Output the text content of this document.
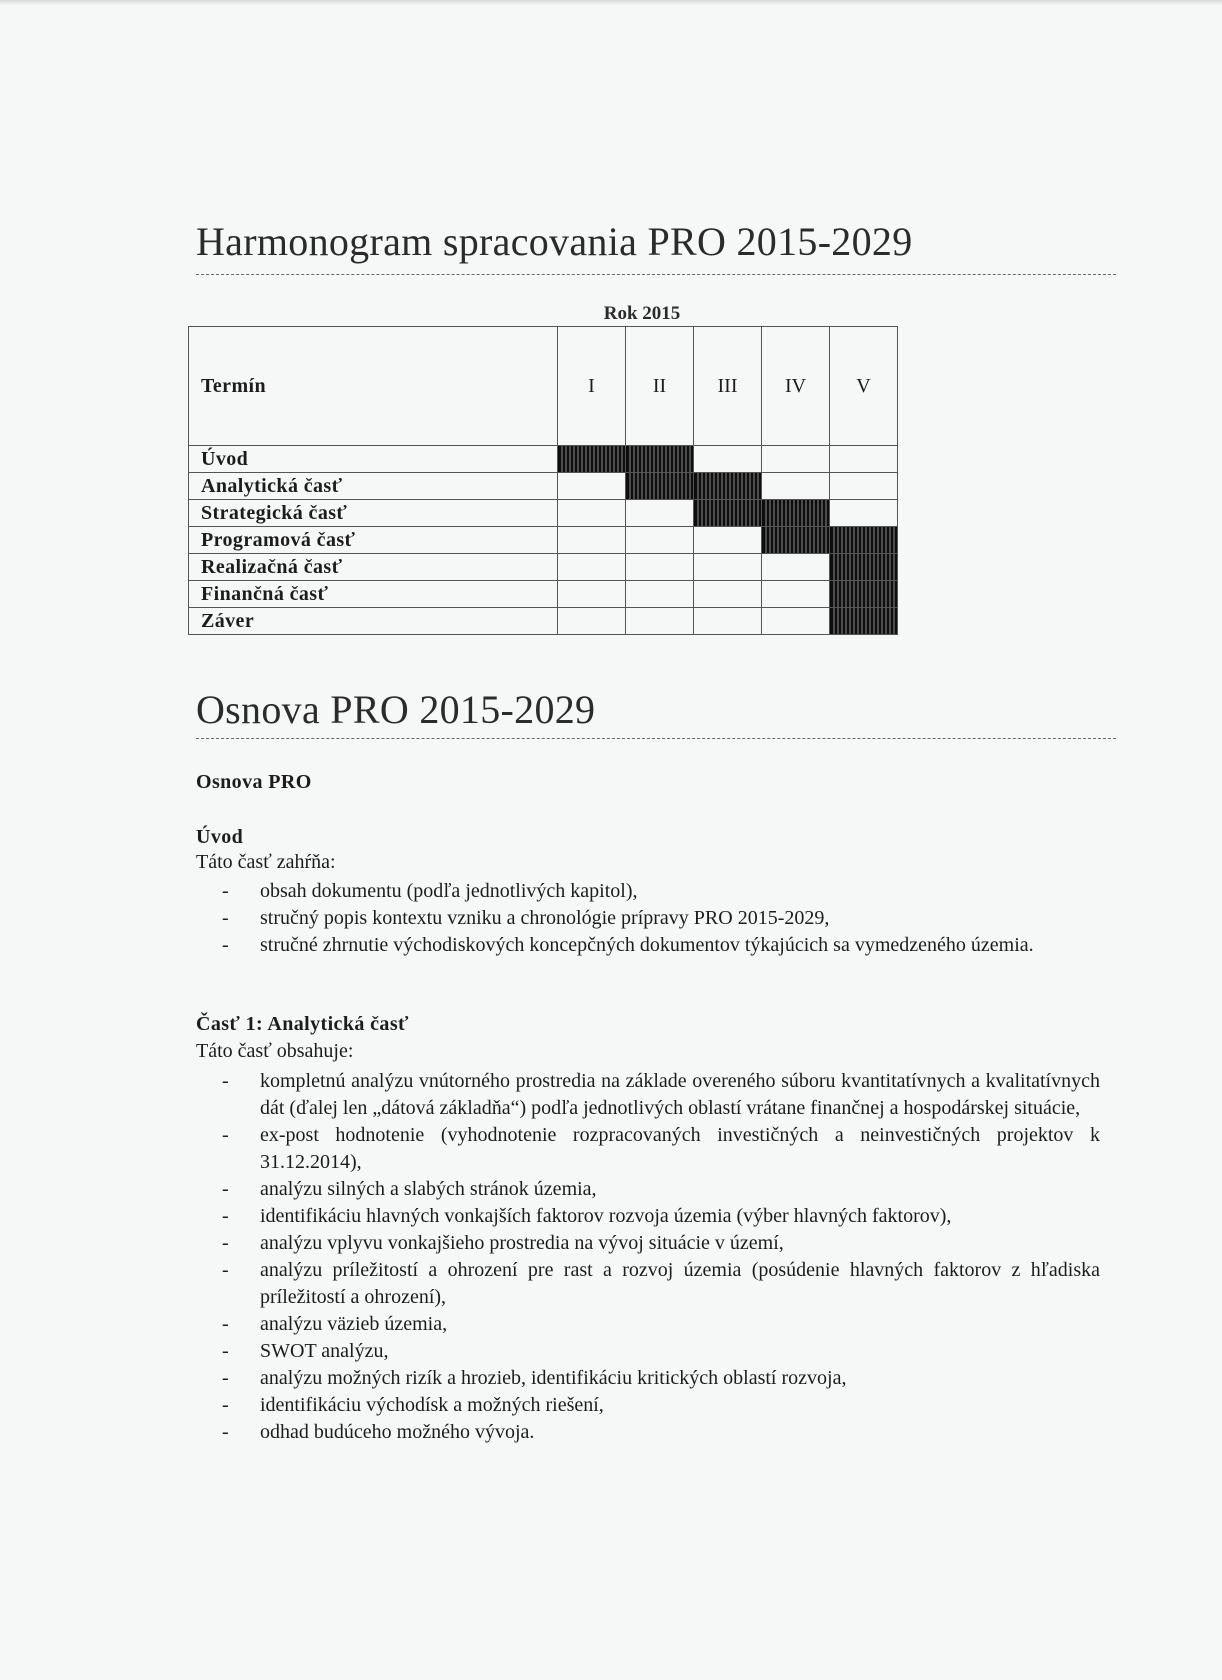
Harmonogram spracovania PRO 2015-2029
Rok 2015
Termín	I	II	III	IV	V
Úvod					
Analytická časť					
Strategická časť					
Programová časť					
Realizačná časť					
Finančná časť					
Záver					
Osnova PRO 2015-2029

Osnova PRO

Úvod

Táto časť zahŕňa:

- obsah dokumentu (podľa jednotlivých kapitol),
- stručný popis kontextu vzniku a chronológie prípravy PRO 2015-2029,
- stručné zhrnutie východiskových koncepčných dokumentov týkajúcich sa vymedzeného územia.

Časť 1: Analytická časť

Táto časť obsahuje:

- kompletnú analýzu vnútorného prostredia na základe overeného súboru kvantitatívnych a kvalitatívnych dát (ďalej len „dátová základňa“) podľa jednotlivých oblastí vrátane finančnej a hospodárskej situácie,
- ex-post hodnotenie (vyhodnotenie rozpracovaných investičných a neinvestičných projektov k 31.12.2014),
- analýzu silných a slabých stránok územia,
- identifikáciu hlavných vonkajších faktorov rozvoja územia (výber hlavných faktorov),
- analýzu vplyvu vonkajšieho prostredia na vývoj situácie v území,
- analýzu príležitostí a ohrození pre rast a rozvoj územia (posúdenie hlavných faktorov z hľadiska príležitostí a ohrození),
- analýzu väzieb územia,
- SWOT analýzu,
- analýzu možných rizík a hrozieb, identifikáciu kritických oblastí rozvoja,
- identifikáciu východísk a možných riešení,
- odhad budúceho možného vývoja.
